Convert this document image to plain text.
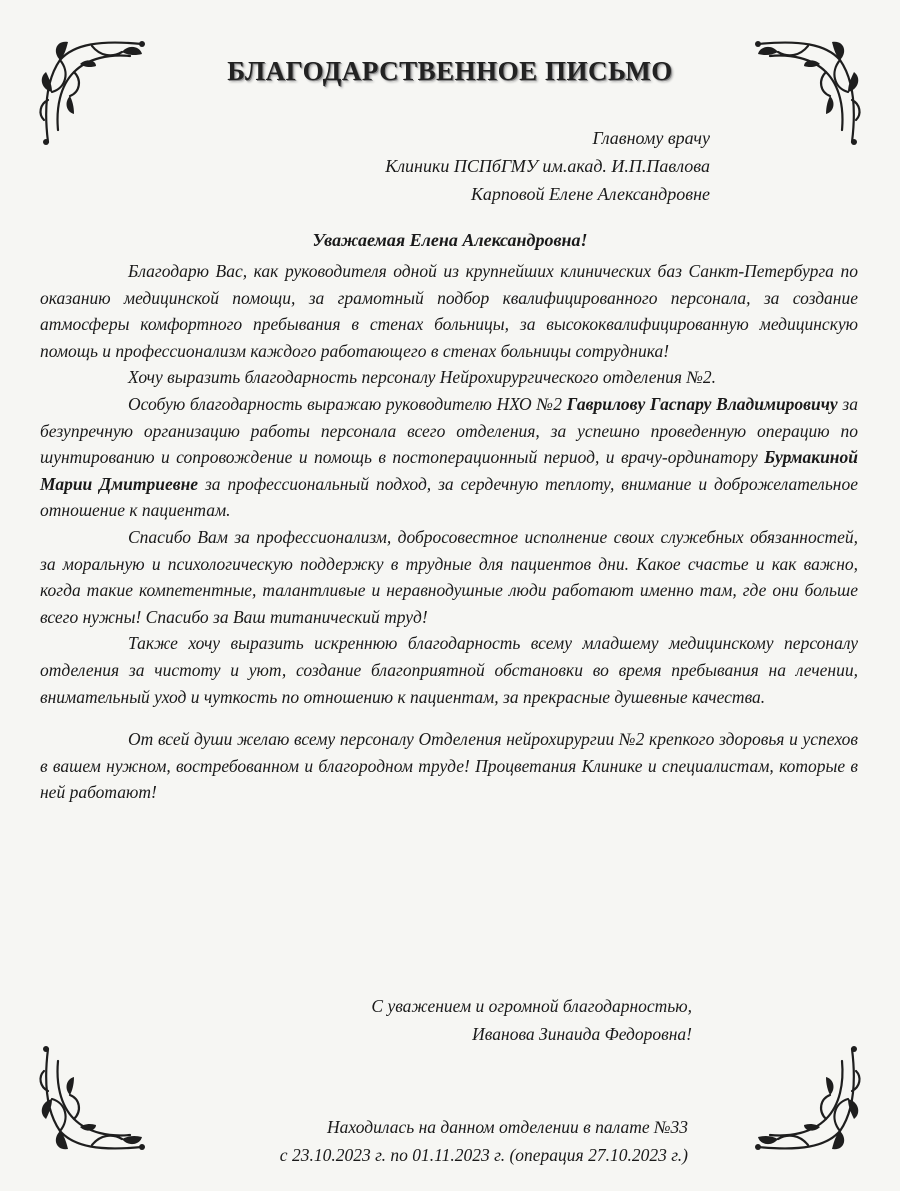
БЛАГОДАРСТВЕННОЕ ПИСЬМО
Главному врачу
Клиники ПСПбГМУ им.акад. И.П.Павлова
Карповой Елене Александровне
Уважаемая Елена Александровна!

Благодарю Вас, как руководителя одной из крупнейших клинических баз Санкт-Петербурга по оказанию медицинской помощи, за грамотный подбор квалифицированного персонала, за создание атмосферы комфортного пребывания в стенах больницы, за высококвалифицированную медицинскую помощь и профессионализм каждого работающего в стенах больницы сотрудника!

Хочу выразить благодарность персоналу Нейрохирургического отделения №2.

Особую благодарность выражаю руководителю НХО №2 Гаврилову Гаспару Владимировичу за безупречную организацию работы персонала всего отделения, за успешно проведенную операцию по шунтированию и сопровождение и помощь в постоперационный период, и врачу-ординатору Бурмакиной Марии Дмитриевне за профессиональный подход, за сердечную теплоту, внимание и доброжелательное отношение к пациентам.

Спасибо Вам за профессионализм, добросовестное исполнение своих служебных обязанностей, за моральную и психологическую поддержку в трудные для пациентов дни. Какое счастье и как важно, когда такие компетентные, талантливые и неравнодушные люди работают именно там, где они больше всего нужны! Спасибо за Ваш титанический труд!

Также хочу выразить искреннюю благодарность всему младшему медицинскому персоналу отделения за чистоту и уют, создание благоприятной обстановки во время пребывания на лечении, внимательный уход и чуткость по отношению к пациентам, за прекрасные душевные качества.

От всей души желаю всему персоналу Отделения нейрохирургии №2 крепкого здоровья и успехов в вашем нужном, востребованном и благородном труде! Процветания Клинике и специалистам, которые в ней работают!

С уважением и огромной благодарностью,
Иванова Зинаида Федоровна!
Находилась на данном отделении в палате №33
с 23.10.2023 г. по 01.11.2023 г. (операция 27.10.2023 г.)
